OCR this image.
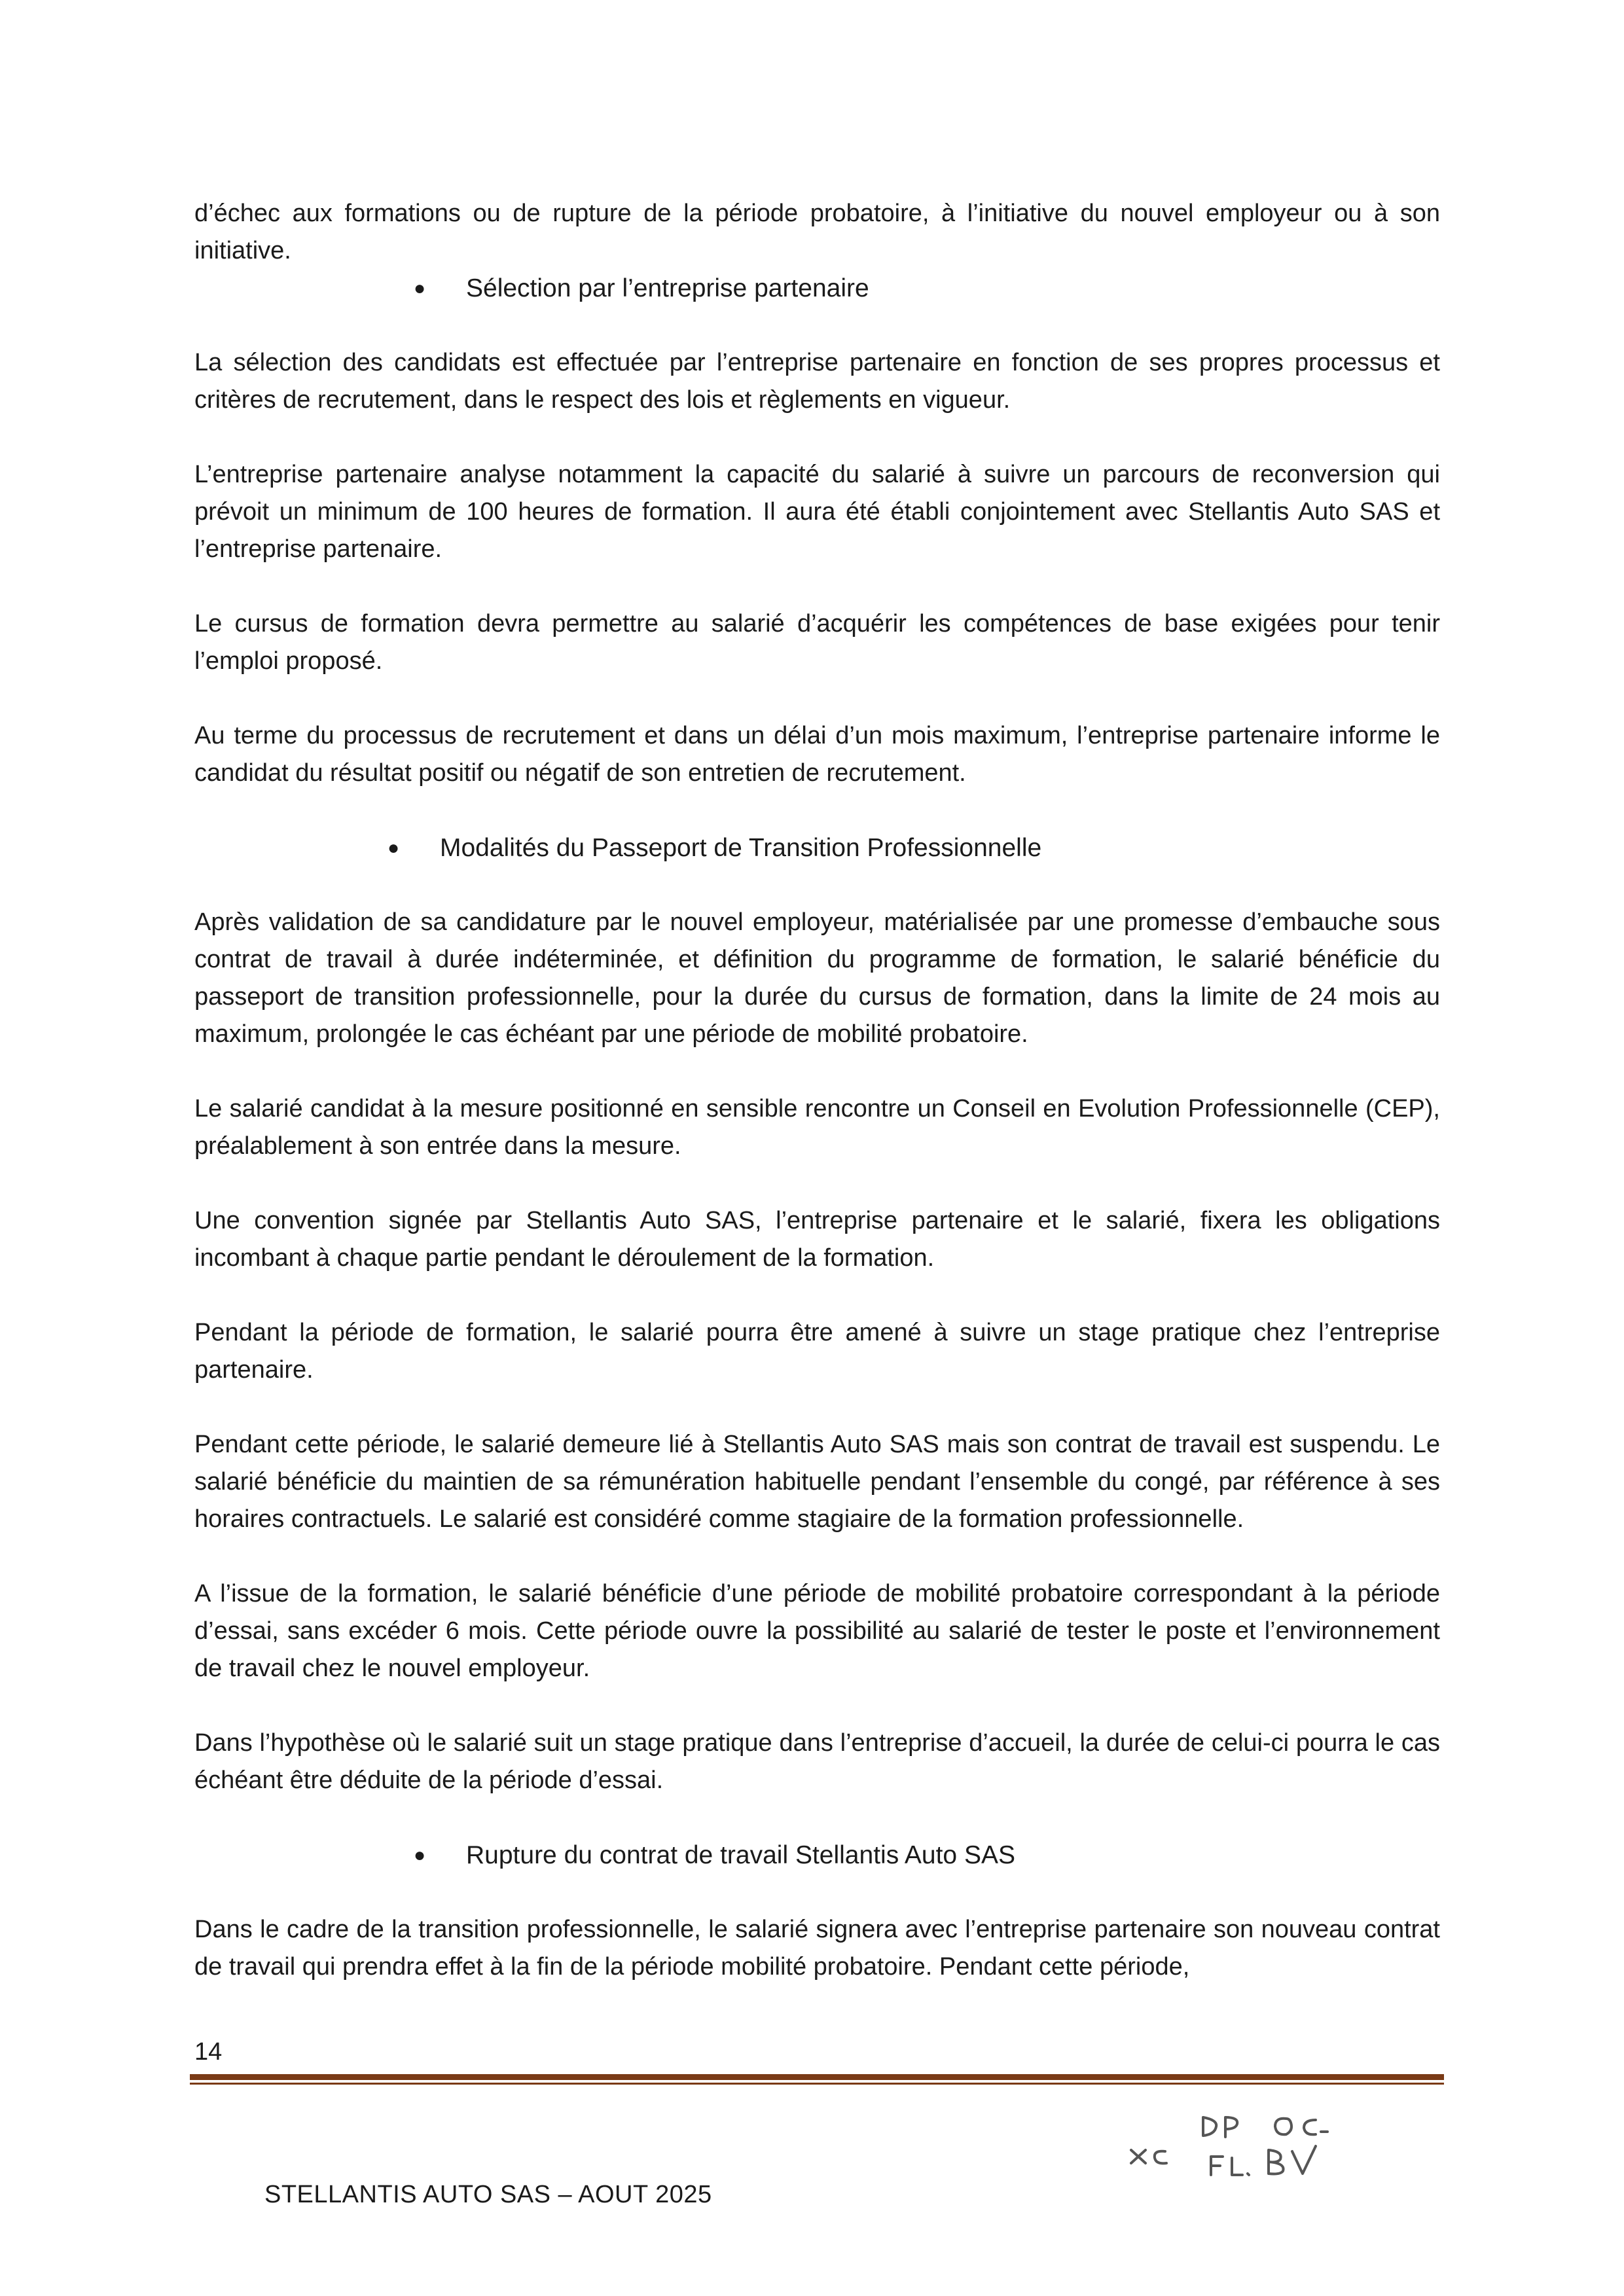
d’échec aux formations ou de rupture de la période probatoire, à l’initiative du nouvel employeur ou à son initiative.

●	Sélection par l’entreprise partenaire

La sélection des candidats est effectuée par l’entreprise partenaire en fonction de ses propres processus et critères de recrutement, dans le respect des lois et règlements en vigueur.

L’entreprise partenaire analyse notamment la capacité du salarié à suivre un parcours de reconversion qui prévoit un minimum de 100 heures de formation. Il aura été établi conjointement avec Stellantis Auto SAS et l’entreprise partenaire.

Le cursus de formation devra permettre au salarié d’acquérir les compétences de base exigées pour tenir l’emploi proposé.

Au terme du processus de recrutement et dans un délai d’un mois maximum, l’entreprise partenaire informe le candidat du résultat positif ou négatif de son entretien de recrutement.

●	Modalités du Passeport de Transition Professionnelle

Après validation de sa candidature par le nouvel employeur, matérialisée par une promesse d’embauche sous contrat de travail à durée indéterminée, et définition du programme de formation, le salarié bénéficie du passeport de transition professionnelle, pour la durée du cursus de formation, dans la limite de 24 mois au maximum, prolongée le cas échéant par une période de mobilité probatoire.

Le salarié candidat à la mesure positionné en sensible rencontre un Conseil en Evolution Professionnelle (CEP), préalablement à son entrée dans la mesure.

Une convention signée par Stellantis Auto SAS, l’entreprise partenaire et le salarié, fixera les obligations incombant à chaque partie pendant le déroulement de la formation.

Pendant la période de formation, le salarié pourra être amené à suivre un stage pratique chez l’entreprise partenaire.

Pendant cette période, le salarié demeure lié à Stellantis Auto SAS mais son contrat de travail est suspendu. Le salarié bénéficie du maintien de sa rémunération habituelle pendant l’ensemble du congé, par référence à ses horaires contractuels. Le salarié est considéré comme stagiaire de la formation professionnelle.

A l’issue de la formation, le salarié bénéficie d’une période de mobilité probatoire correspondant à la période d’essai, sans excéder 6 mois. Cette période ouvre la possibilité au salarié de tester le poste et l’environnement de travail chez le nouvel employeur.

Dans l’hypothèse où le salarié suit un stage pratique dans l’entreprise d’accueil, la durée de celui-ci pourra le cas échéant être déduite de la période d’essai.

●	Rupture du contrat de travail Stellantis Auto SAS

Dans le cadre de la transition professionnelle, le salarié signera avec l’entreprise partenaire son nouveau contrat de travail qui prendra effet à la fin de la période mobilité probatoire. Pendant cette période,

14
STELLANTIS AUTO SAS – AOUT 2025
